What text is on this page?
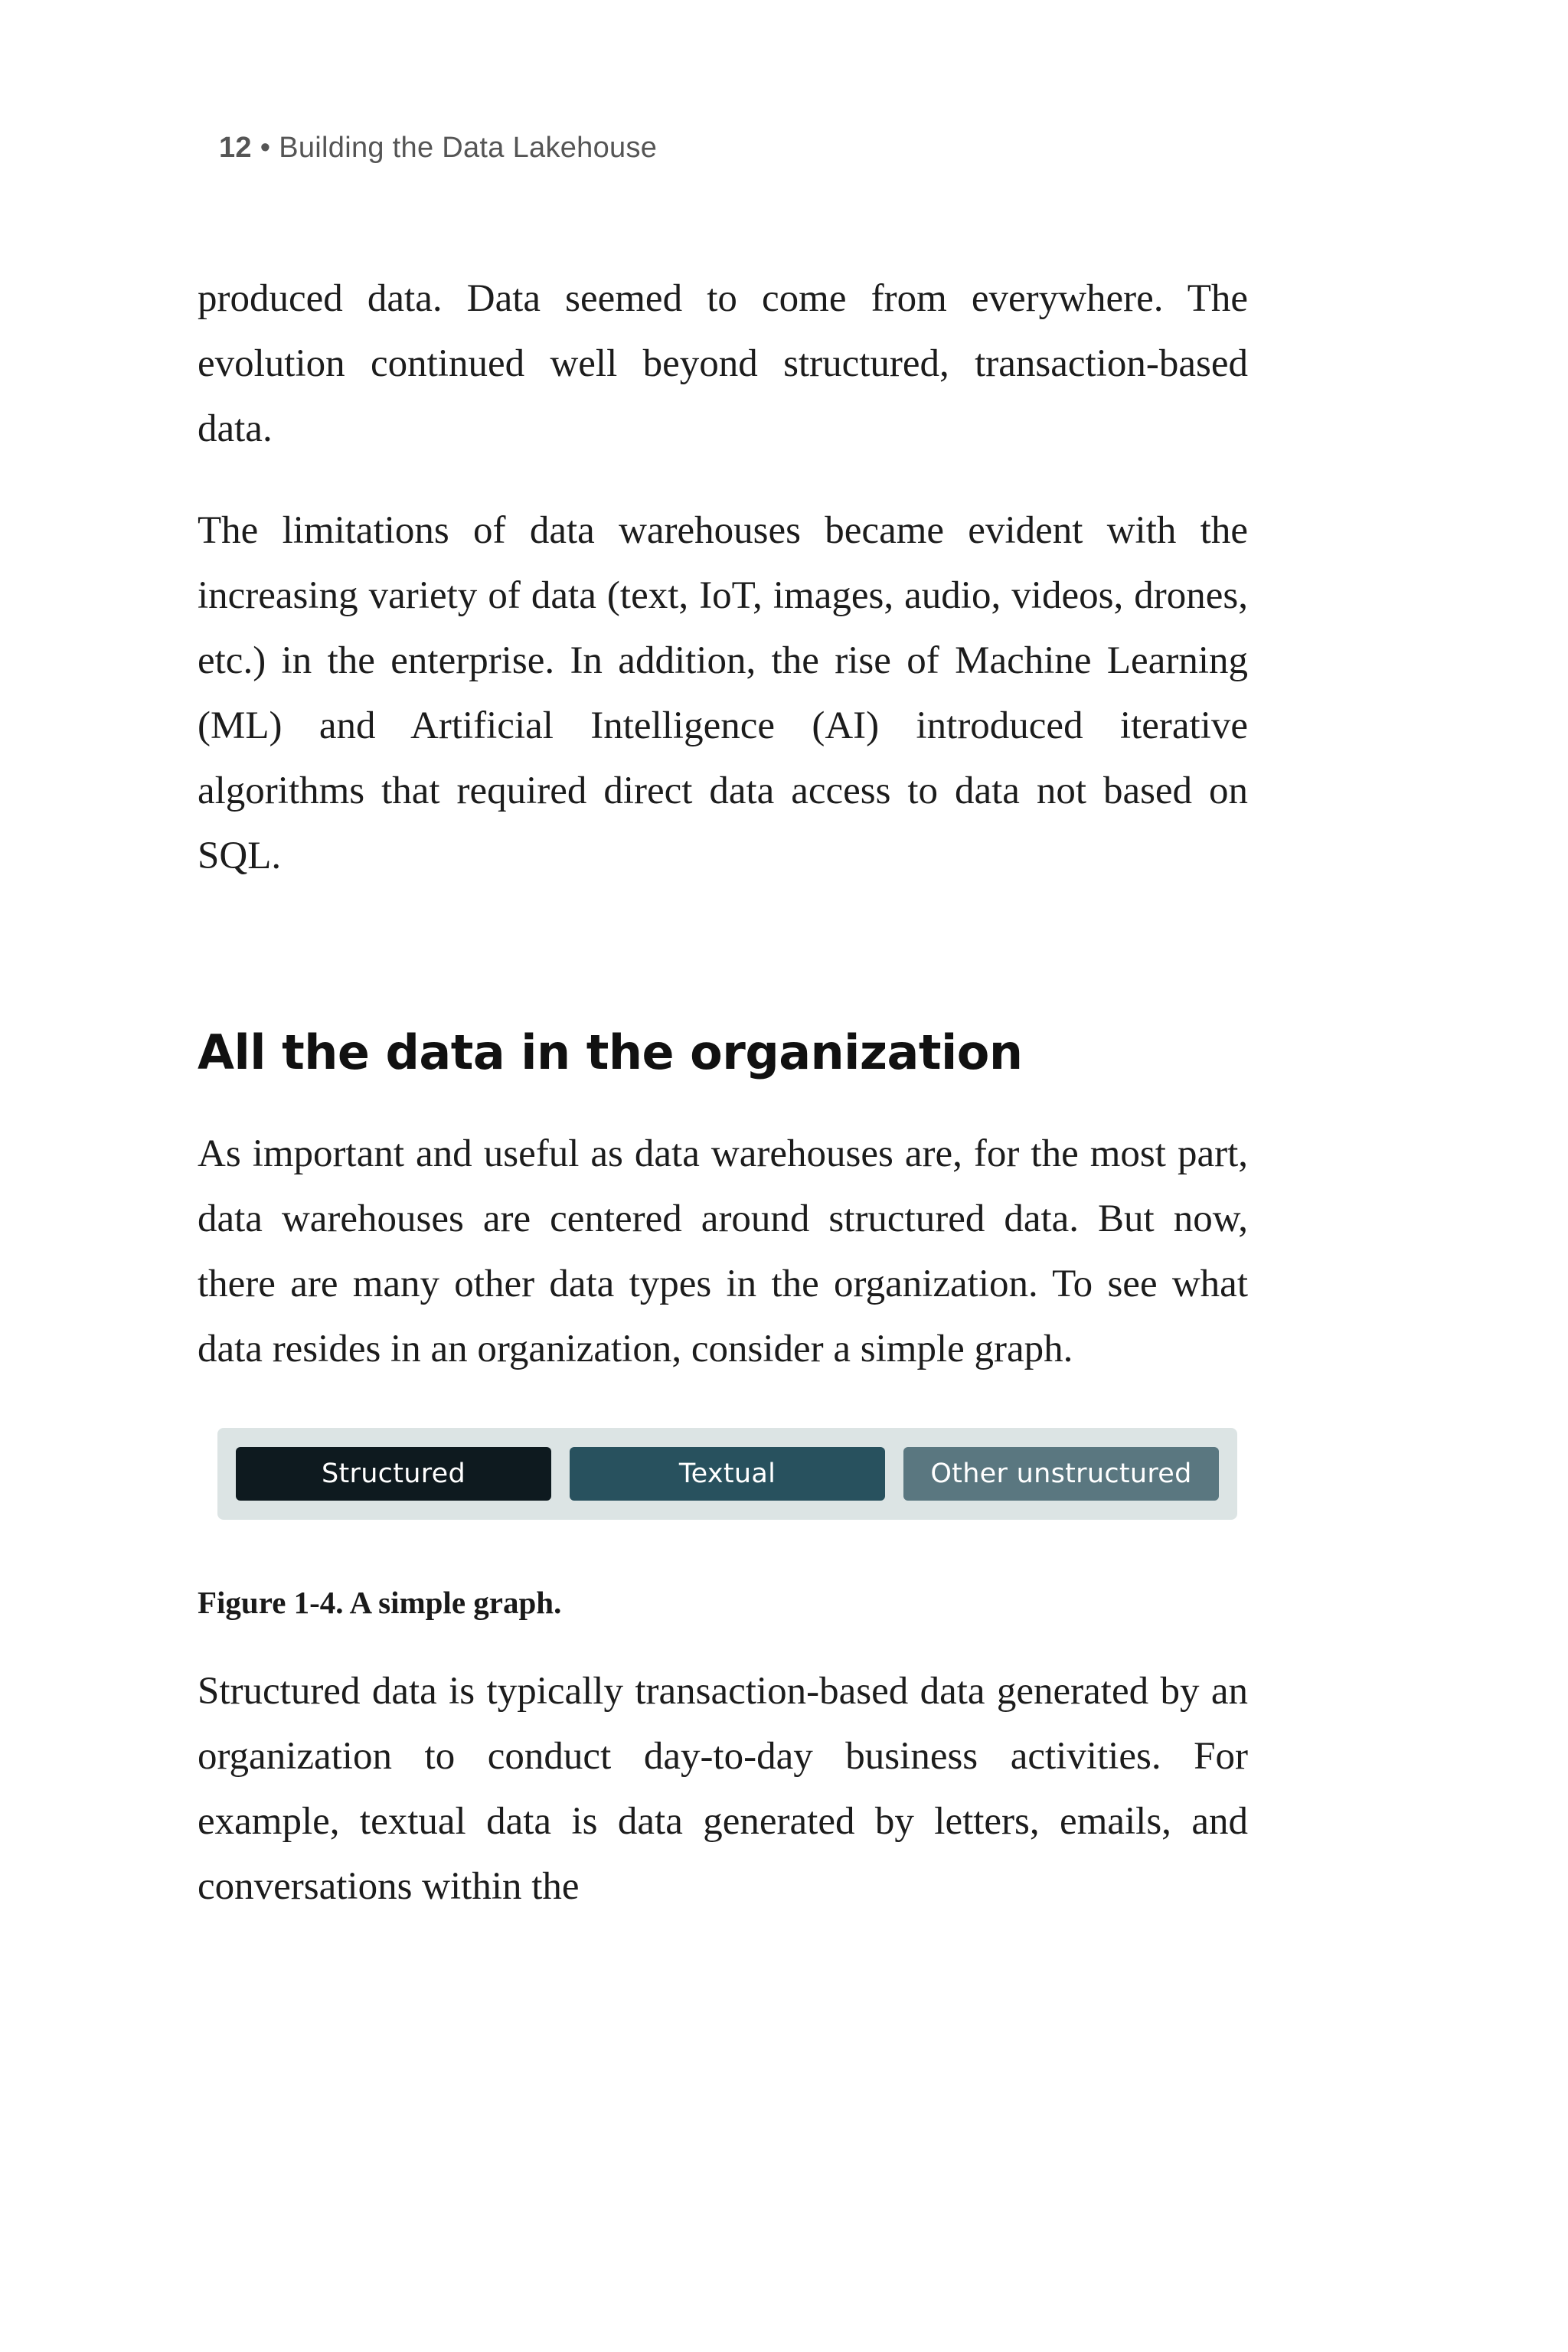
12 • Building the Data Lakehouse

produced data. Data seemed to come from everywhere. The evolution continued well beyond structured, transaction-based data.

The limitations of data warehouses became evident with the increasing variety of data (text, IoT, images, audio, videos, drones, etc.) in the enterprise. In addition, the rise of Machine Learning (ML) and Artificial Intelligence (AI) introduced iterative algorithms that required direct data access to data not based on SQL.

All the data in the organization

As important and useful as data warehouses are, for the most part, data warehouses are centered around structured data. But now, there are many other data types in the organization. To see what data resides in an organization, consider a simple graph.

Structured	Textual	Other unstructured
Figure 1-4. A simple graph.

Structured data is typically transaction-based data generated by an organization to conduct day-to-day business activities. For example, textual data is data generated by letters, emails, and conversations within the
